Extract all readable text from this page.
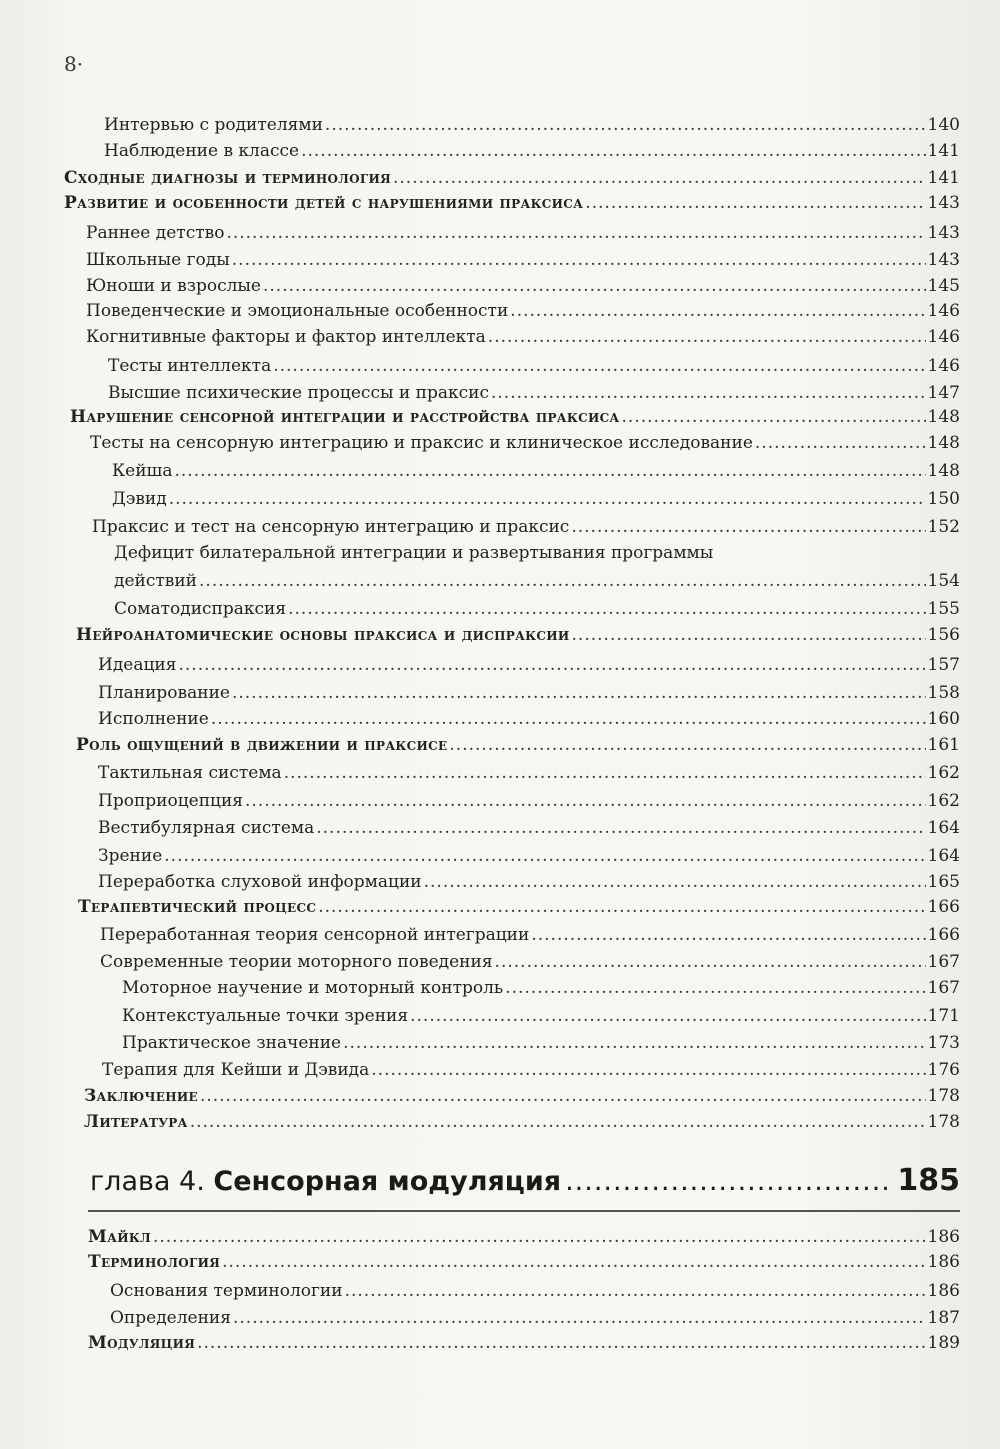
8·
Интервью с родителями .....	140
Наблюдение в классе .....	141
Сходные диагнозы и терминология .....	141
Развитие и особенности детей с нарушениями праксиса .....	143
Раннее детство .....	143
Школьные годы .....	143
Юноши и взрослые .....	145
Поведенческие и эмоциональные особенности .....	146
Когнитивные факторы и фактор интеллекта .....	146
Тесты интеллекта .....	146
Высшие психические процессы и праксис .....	147
Нарушение сенсорной интеграции и расстройства праксиса .....	148
Тесты на сенсорную интеграцию и праксис и клиническое исследование .....	148
Кейша .....	148
Дэвид .....	150
Праксис и тест на сенсорную интеграцию и праксис .....	152
Дефицит билатеральной интеграции и развертывания программы
действий .....	154
Соматодиспраксия .....	155
Нейроанатомические основы праксиса и диспраксии .....	156
Идеация .....	157
Планирование .....	158
Исполнение .....	160
Роль ощущений в движении и праксисе .....	161
Тактильная система .....	162
Проприоцепция .....	162
Вестибулярная система .....	164
Зрение .....	164
Переработка слуховой информации .....	165
Терапевтический процесс .....	166
Переработанная теория сенсорной интеграции .....	166
Современные теории моторного поведения .....	167
Моторное научение и моторный контроль .....	167
Контекстуальные точки зрения .....	171
Практическое значение .....	173
Терапия для Кейши и Дэвида .....	176
Заключение .....	178
Литература .....	178
Майкл .....	186
Терминология .....	186
Основания терминологии .....	186
Определения .....	187
Модуляция .....	189
глава 4. Сенсорная модуляция .....	185
